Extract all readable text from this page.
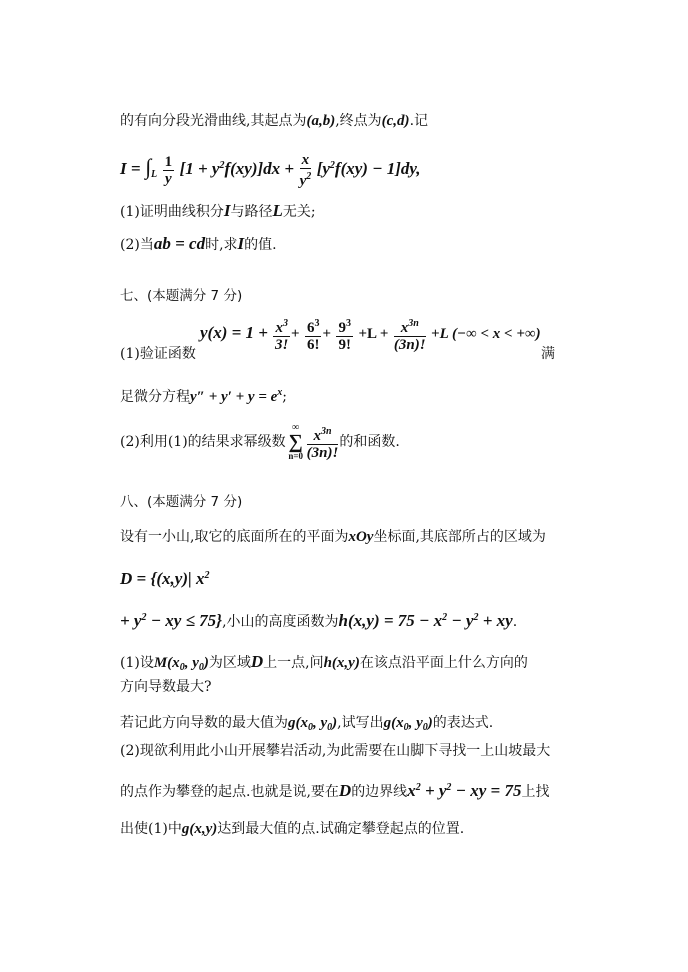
的有向分段光滑曲线,其起点为(a,b),终点为(c,d).记
$I = \int_L \frac{1}{y} [1 + y^2f(xy)]dx + \frac{x}{y^2} [y^2f(xy) - 1]dy$,
(1)证明曲线积分I与路径L无关;
(2)当ab = cd时,求I的值.
七、(本题满分 7 分)
$y(x) = 1 + \frac{x^3}{3!} + \frac{6^3}{6!} + \frac{9^3}{9!} +L + \frac{x^{3n}}{(3n)!} +L$ (−∞ < x < +∞)
(1)验证函数	满
足微分方程$y'' + y' + y = e^x$;
(2)利用(1)的结果求幂级数
∞
∑
$n=0 \frac{x^{3n}}{(3n)!}$ 的和函数.
八、(本题满分 7 分)
设有一小山,取它的底面所在的平面为xOy坐标面,其底部所占的区域为
D = {(x,y)| $x^2$
+ $y^2$ − xy ≤ 75},小山的高度函数为$h(x,y) = 75 - x^2 - y^2$ + xy.
(1)设$M(x_0$, $y_0$)为区域D上一点,问h(x,y)在该点沿平面上什么方向的
方向导数最大?
若记此方向导数的最大值为$g(x_0$, $y_0$),试写出$g(x_0$, $y_0$)的表达式.
(2)现欲利用此小山开展攀岩活动,为此需要在山脚下寻找一上山坡最大
的点作为攀登的起点.也就是说,要在D的边界线$x^2 + y^2$ − xy = 75上找
出使(1)中g(x,y)达到最大值的点.试确定攀登起点的位置.
